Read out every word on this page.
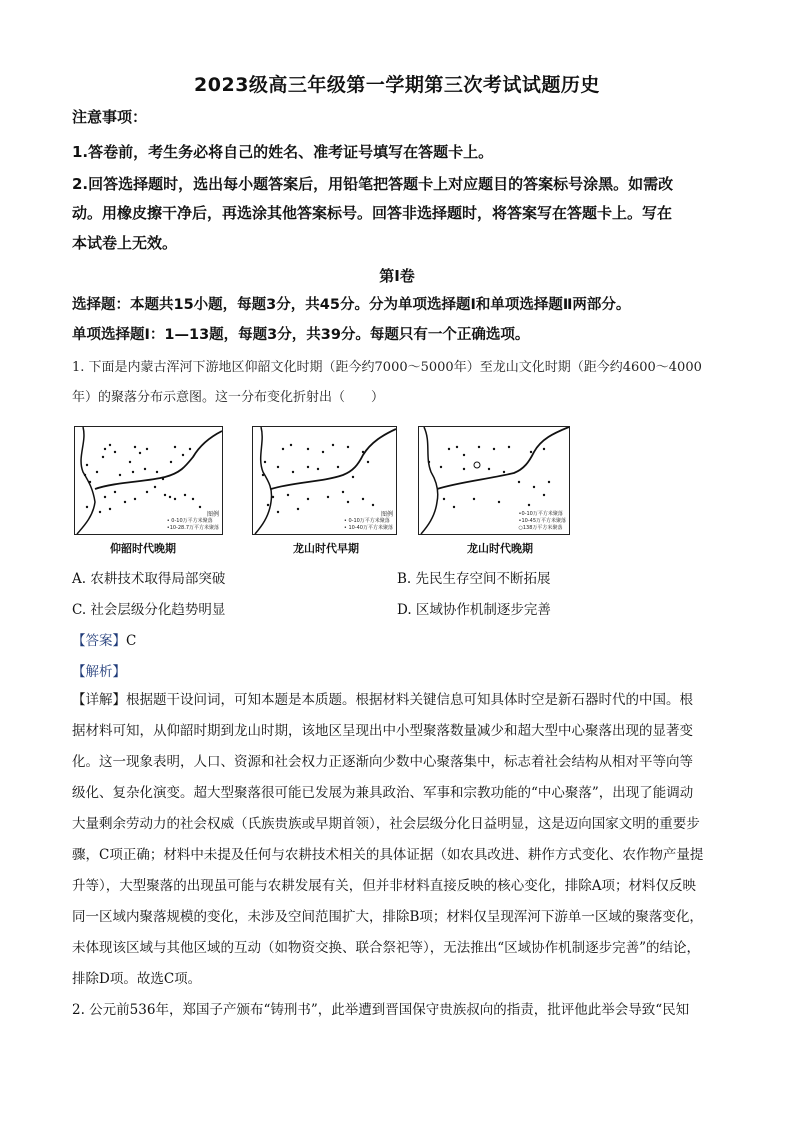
2023级高三年级第一学期第三次考试试题历史
注意事项：
1.答卷前，考生务必将自己的姓名、准考证号填写在答题卡上。
2.回答选择题时，选出每小题答案后，用铅笔把答题卡上对应题目的答案标号涂黑。如需改
动。用橡皮擦干净后，再选涂其他答案标号。回答非选择题时，将答案写在答题卡上。写在
本试卷上无效。
第Ⅰ卷
选择题：本题共15小题，每题3分，共45分。分为单项选择题Ⅰ和单项选择题Ⅱ两部分。
单项选择题Ⅰ：1—13题，每题3分，共39分。每题只有一个正确选项。
1. 下面是内蒙古浑河下游地区仰韶文化时期（距今约7000～5000年）至龙山文化时期（距今约4600～4000
年）的聚落分布示意图。这一分布变化折射出（　　）
图例
• 0-10万平方米聚落
•10-28.7万平方米聚落
仰韶时代晚期
图例
• 0-10万平方米聚落
• 10-40万平方米聚落
龙山时代早期
•0-10万平方米聚落
•10-45万平方米聚落
○138万平方米聚落
龙山时代晚期
A. 农耕技术取得局部突破	B. 先民生存空间不断拓展
C. 社会层级分化趋势明显	D. 区域协作机制逐步完善
【答案】C
【解析】
【详解】根据题干设问词，可知本题是本质题。根据材料关键信息可知具体时空是新石器时代的中国。根
据材料可知，从仰韶时期到龙山时期，该地区呈现出中小型聚落数量减少和超大型中心聚落出现的显著变
化。这一现象表明，人口、资源和社会权力正逐渐向少数中心聚落集中，标志着社会结构从相对平等向等
级化、复杂化演变。超大型聚落很可能已发展为兼具政治、军事和宗教功能的“中心聚落”，出现了能调动
大量剩余劳动力的社会权威（氏族贵族或早期首领），社会层级分化日益明显，这是迈向国家文明的重要步
骤，C项正确；材料中未提及任何与农耕技术相关的具体证据（如农具改进、耕作方式变化、农作物产量提
升等），大型聚落的出现虽可能与农耕发展有关，但并非材料直接反映的核心变化，排除A项；材料仅反映
同一区域内聚落规模的变化，未涉及空间范围扩大，排除B项；材料仅呈现浑河下游单一区域的聚落变化，
未体现该区域与其他区域的互动（如物资交换、联合祭祀等），无法推出“区域协作机制逐步完善”的结论，
排除D项。故选C项。
2. 公元前536年，郑国子产颁布“铸刑书”，此举遭到晋国保守贵族叔向的指责，批评他此举会导致“民知
